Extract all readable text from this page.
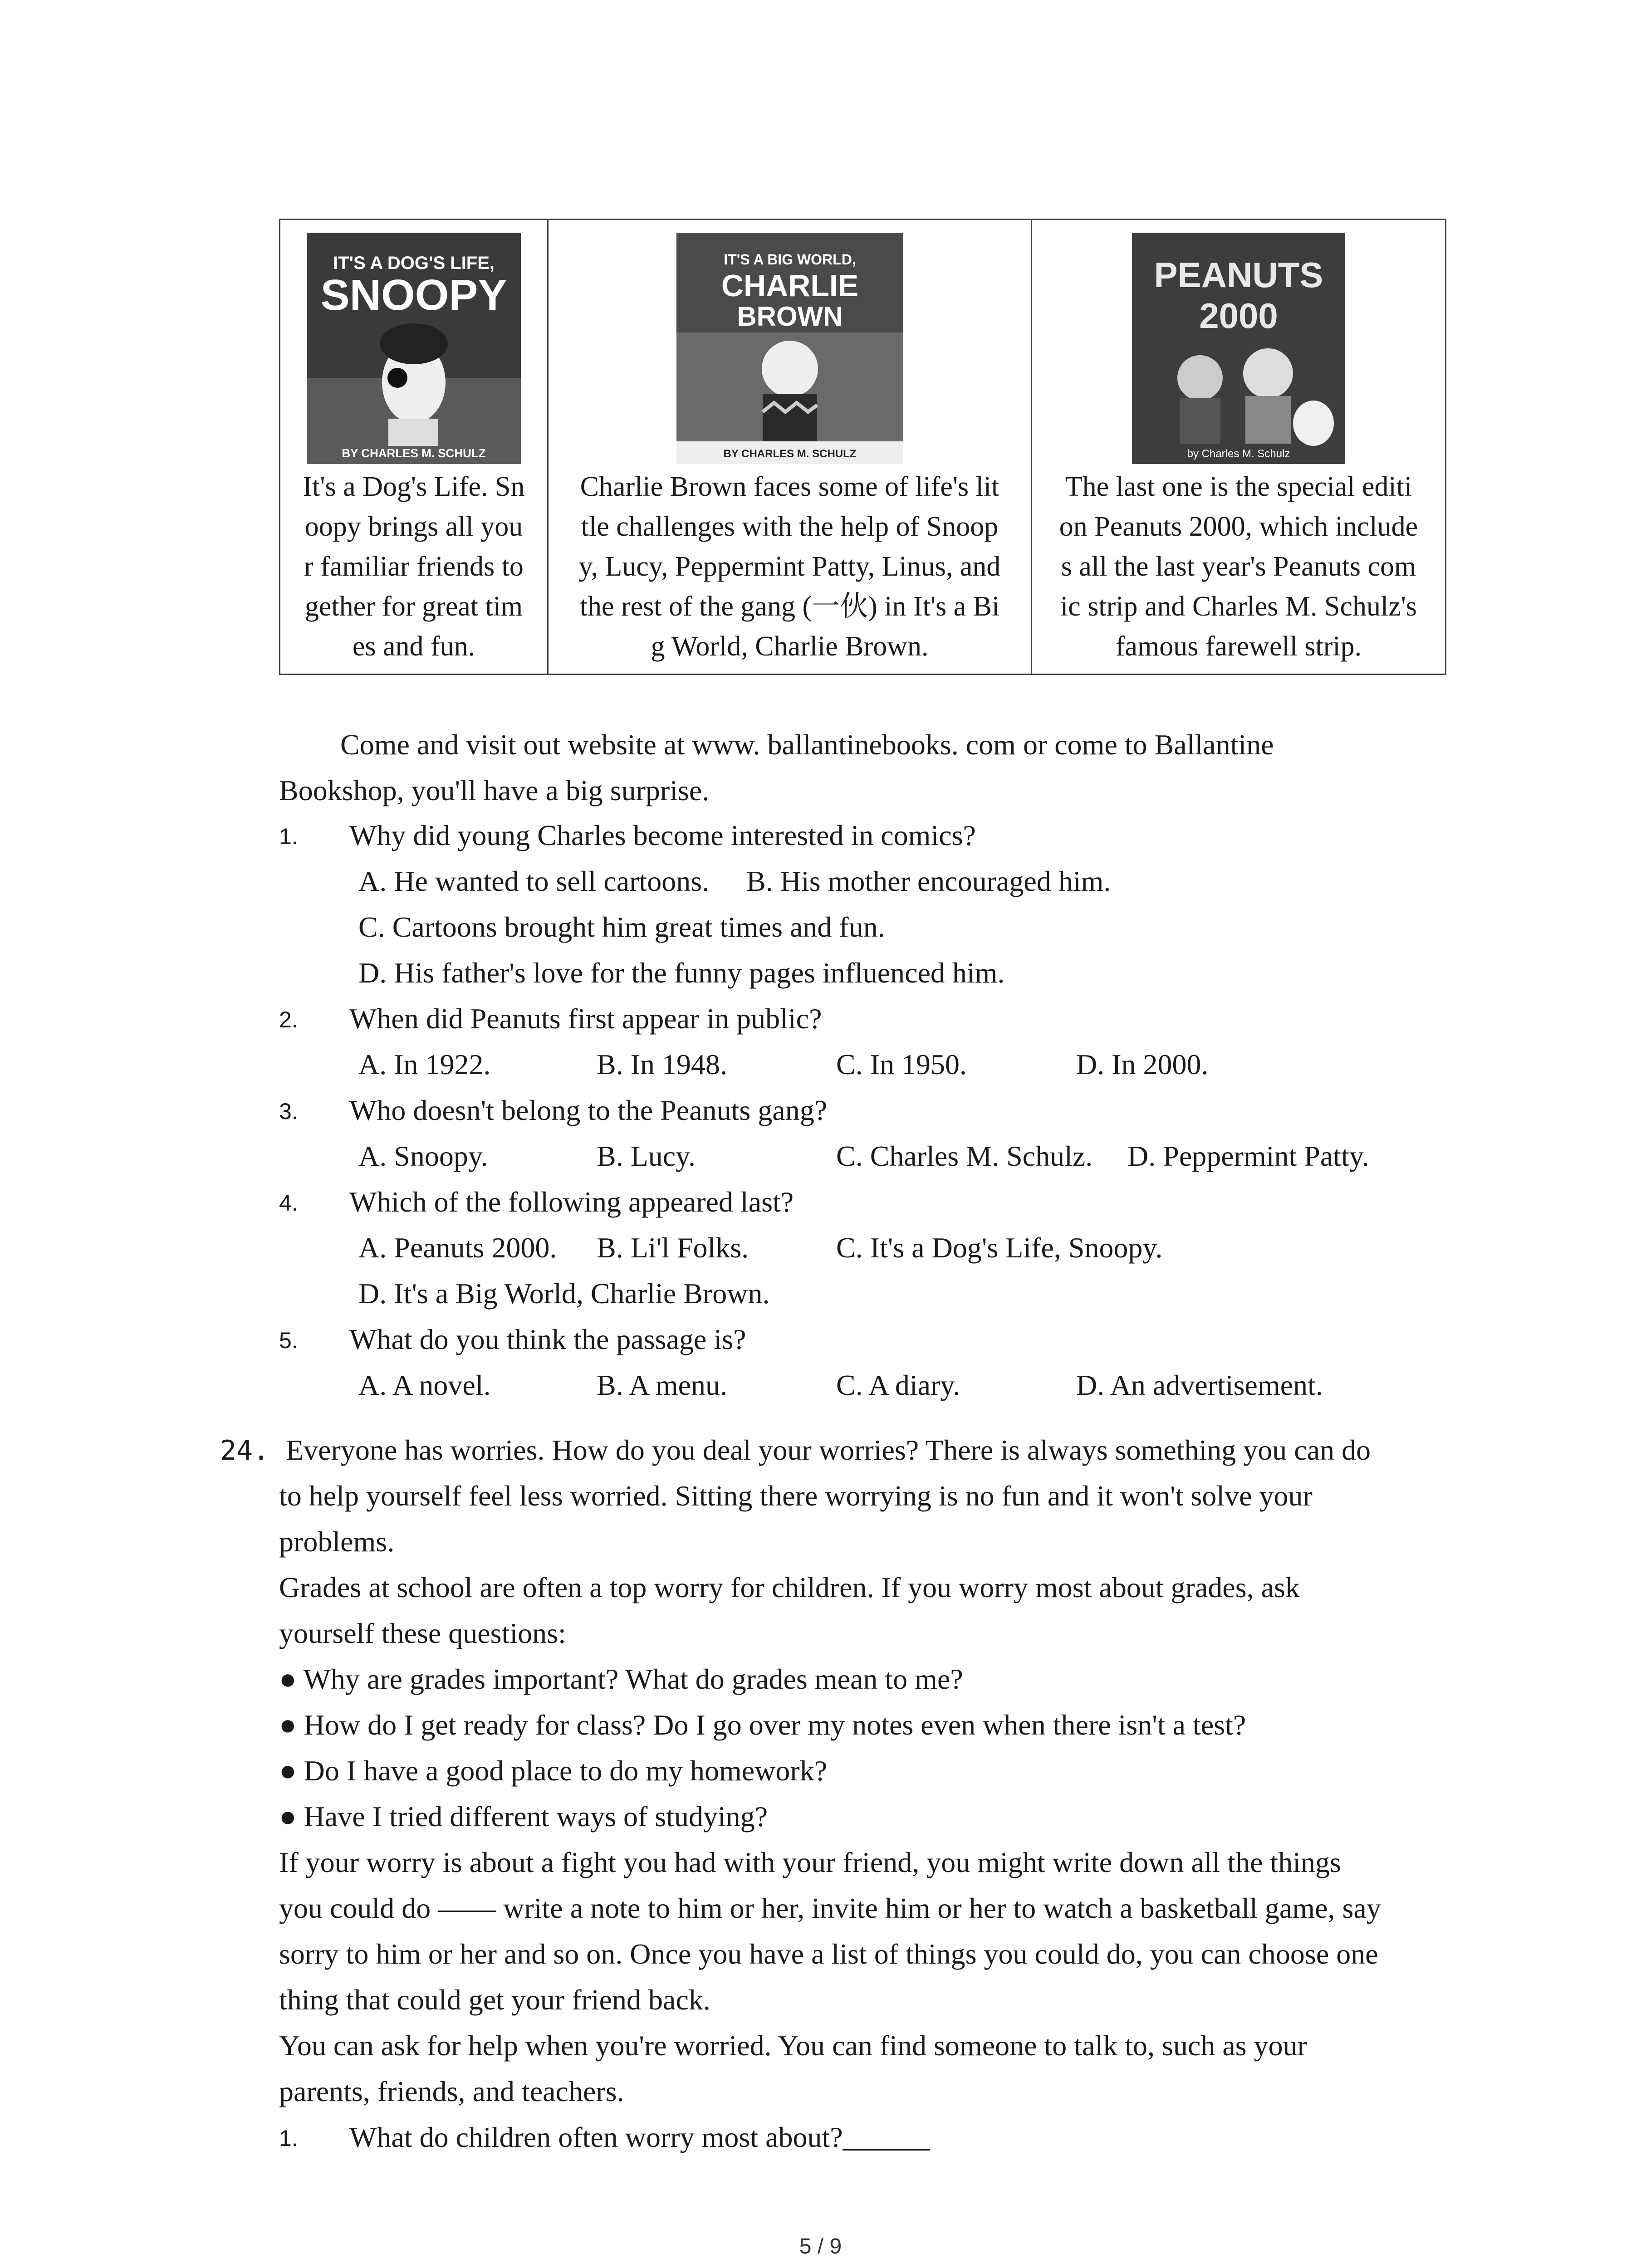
IT'S A DOG'S LIFE,
SNOOPY
BY CHARLES M. SCHULZ
It's a Dog's Life. Sn
oopy brings all you
r familiar friends to
gether for great tim
es and fun.

IT'S A BIG WORLD,
CHARLIE
BROWN
BY CHARLES M. SCHULZ
Charlie Brown faces some of life's lit
tle challenges with the help of Snoop
y, Lucy, Peppermint Patty, Linus, and
the rest of the gang (一伙) in It's a Bi
g World, Charlie Brown.

PEANUTS
2000
by Charles M. Schulz
The last one is the special editi
on Peanuts 2000, which include
s all the last year's Peanuts com
ic strip and Charles M. Schulz's
famous farewell strip.
Come and visit out website at www. ballantinebooks. com or come to Ballantine
Bookshop, you'll have a big surprise.
1. Why did young Charles become interested in comics?
A. He wanted to sell cartoons. B. His mother encouraged him.
C. Cartoons brought him great times and fun.
D. His father's love for the funny pages influenced him.
2. When did Peanuts first appear in public?
A. In 1922.	B. In 1948.	C. In 1950.	D. In 2000.
3. Who doesn't belong to the Peanuts gang?
A. Snoopy.	B. Lucy.	C. Charles M. Schulz. D. Peppermint Patty.
4. Which of the following appeared last?
A. Peanuts 2000. B. Li'l Folks.	C. It's a Dog's Life, Snoopy.
D. It's a Big World, Charlie Brown.
5. What do you think the passage is?
A. A novel.	B. A menu.	C. A diary.	D. An advertisement.
24. Everyone has worries. How do you deal your worries? There is always something you can do
to help yourself feel less worried. Sitting there worrying is no fun and it won't solve your
problems.
Grades at school are often a top worry for children. If you worry most about grades, ask
yourself these questions:
● Why are grades important? What do grades mean to me?
● How do I get ready for class? Do I go over my notes even when there isn't a test?
● Do I have a good place to do my homework?
● Have I tried different ways of studying?
If your worry is about a fight you had with your friend, you might write down all the things
you could do —— write a note to him or her, invite him or her to watch a basketball game, say
sorry to him or her and so on. Once you have a list of things you could do, you can choose one
thing that could get your friend back.
You can ask for help when you're worried. You can find someone to talk to, such as your
parents, friends, and teachers.
1. What do children often worry most about?______
5 / 9
